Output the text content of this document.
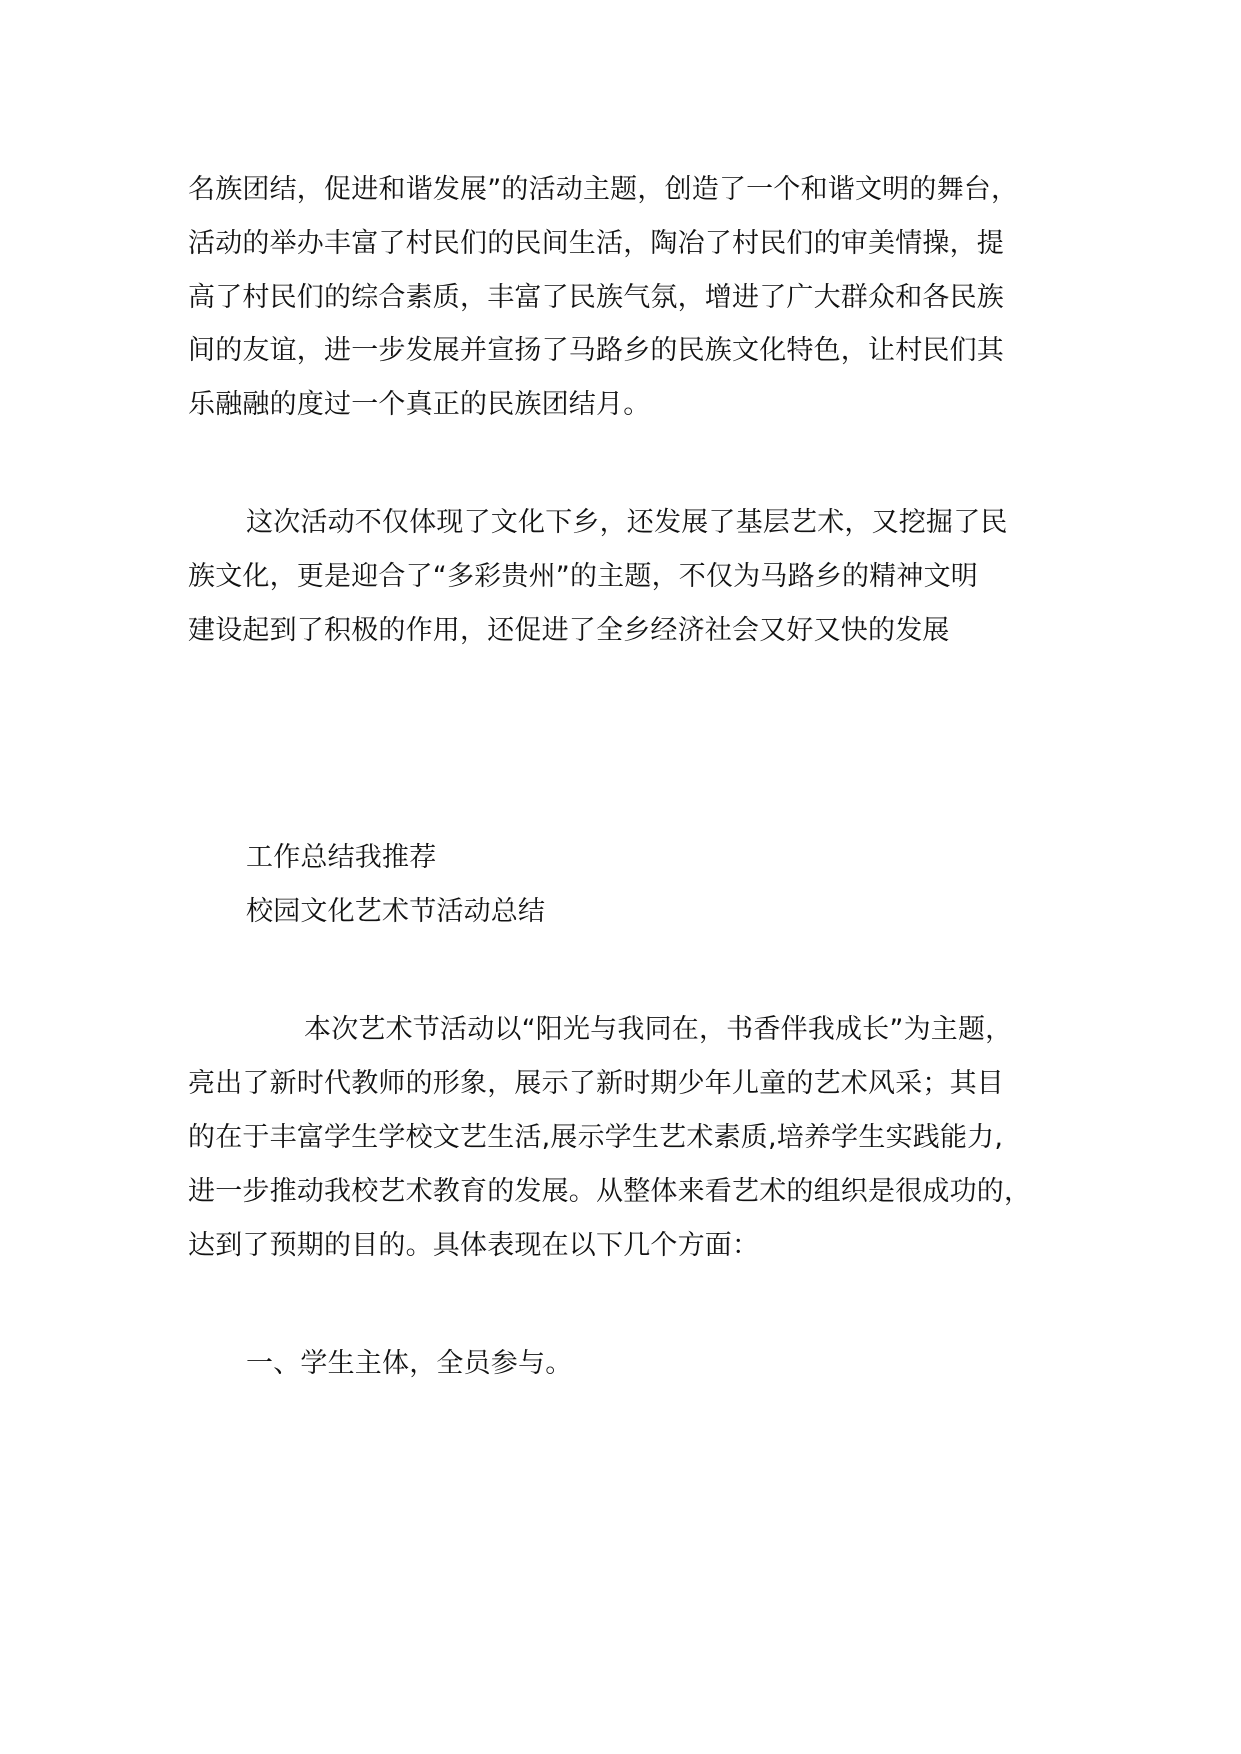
名族团结，促进和谐发展”的活动主题，创造了一个和谐文明的舞台，
活动的举办丰富了村民们的民间生活，陶冶了村民们的审美情操，提
高了村民们的综合素质，丰富了民族气氛，增进了广大群众和各民族
间的友谊，进一步发展并宣扬了马路乡的民族文化特色，让村民们其
乐融融的度过一个真正的民族团结月。
这次活动不仅体现了文化下乡，还发展了基层艺术，又挖掘了民
族文化，更是迎合了“多彩贵州”的主题，不仅为马路乡的精神文明
建设起到了积极的作用，还促进了全乡经济社会又好又快的发展
工作总结我推荐
校园文化艺术节活动总结
本次艺术节活动以“阳光与我同在，书香伴我成长”为主题，
亮出了新时代教师的形象，展示了新时期少年儿童的艺术风采；其目
的在于丰富学生学校文艺生活,展示学生艺术素质,培养学生实践能力,
进一步推动我校艺术教育的发展。从整体来看艺术的组织是很成功的，
达到了预期的目的。具体表现在以下几个方面：
一、学生主体，全员参与。
